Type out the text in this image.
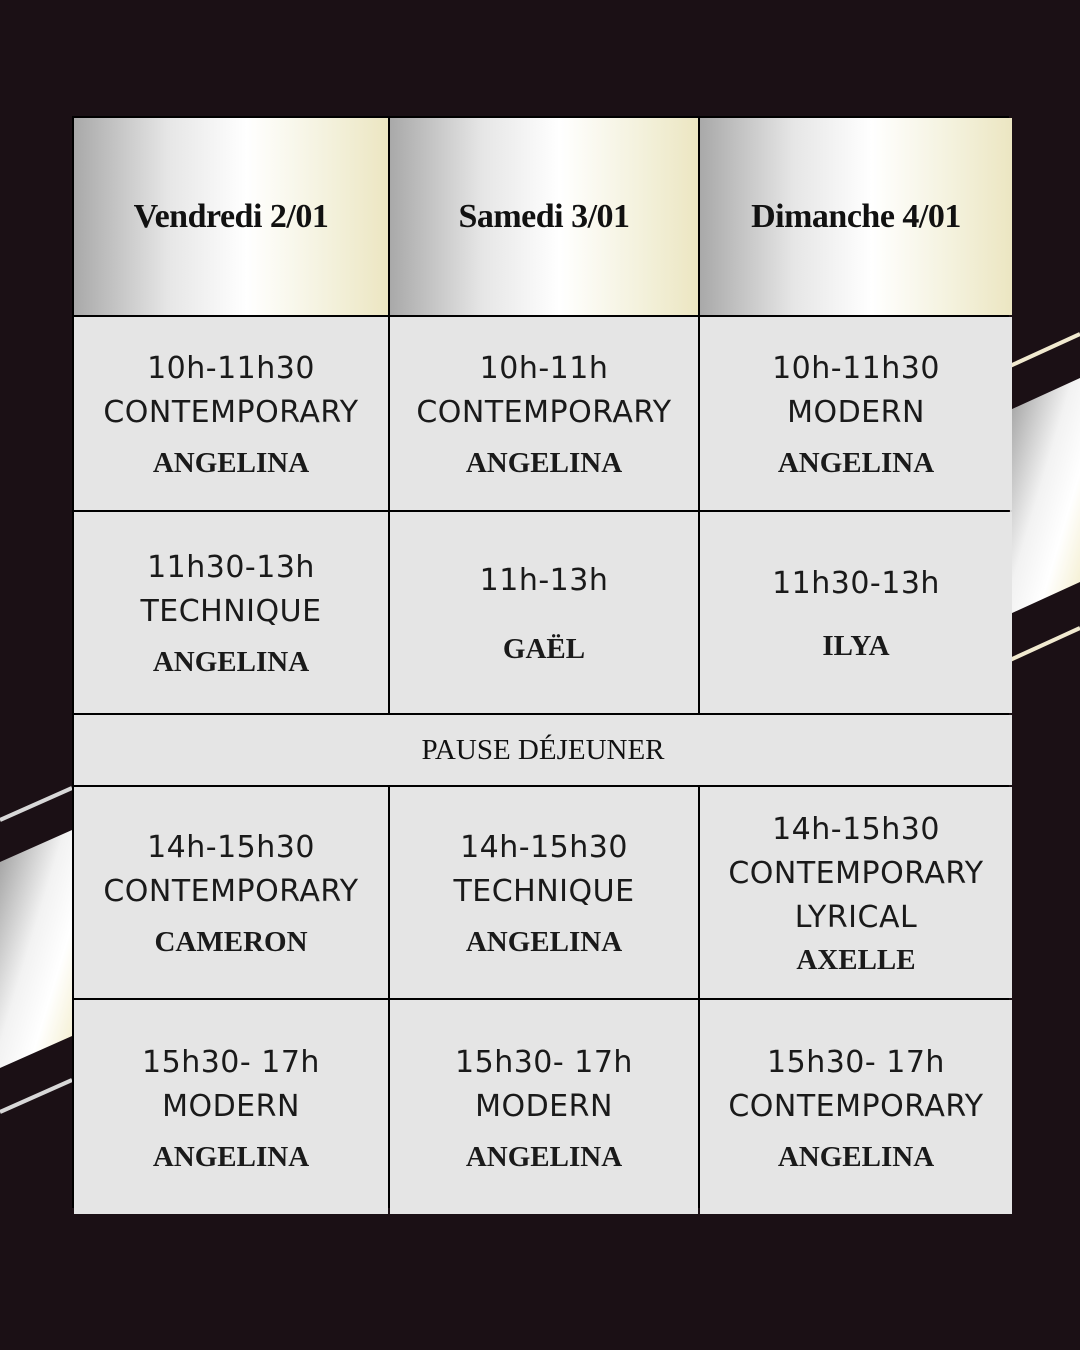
Vendredi 2/01	Samedi 3/01	Dimanche 4/01
10h-11h30
CONTEMPORARY
ANGELINA
10h-11h
CONTEMPORARY
ANGELINA
10h-11h30
MODERN
ANGELINA
11h30-13h
TECHNIQUE
ANGELINA
11h-13h
GAËL
11h30-13h
ILYA
PAUSE DÉJEUNER
14h-15h30
CONTEMPORARY
CAMERON
14h-15h30
TECHNIQUE
ANGELINA
14h-15h30
CONTEMPORARY
LYRICAL
AXELLE
15h30- 17h
MODERN
ANGELINA
15h30- 17h
MODERN
ANGELINA
15h30- 17h
CONTEMPORARY
ANGELINA
